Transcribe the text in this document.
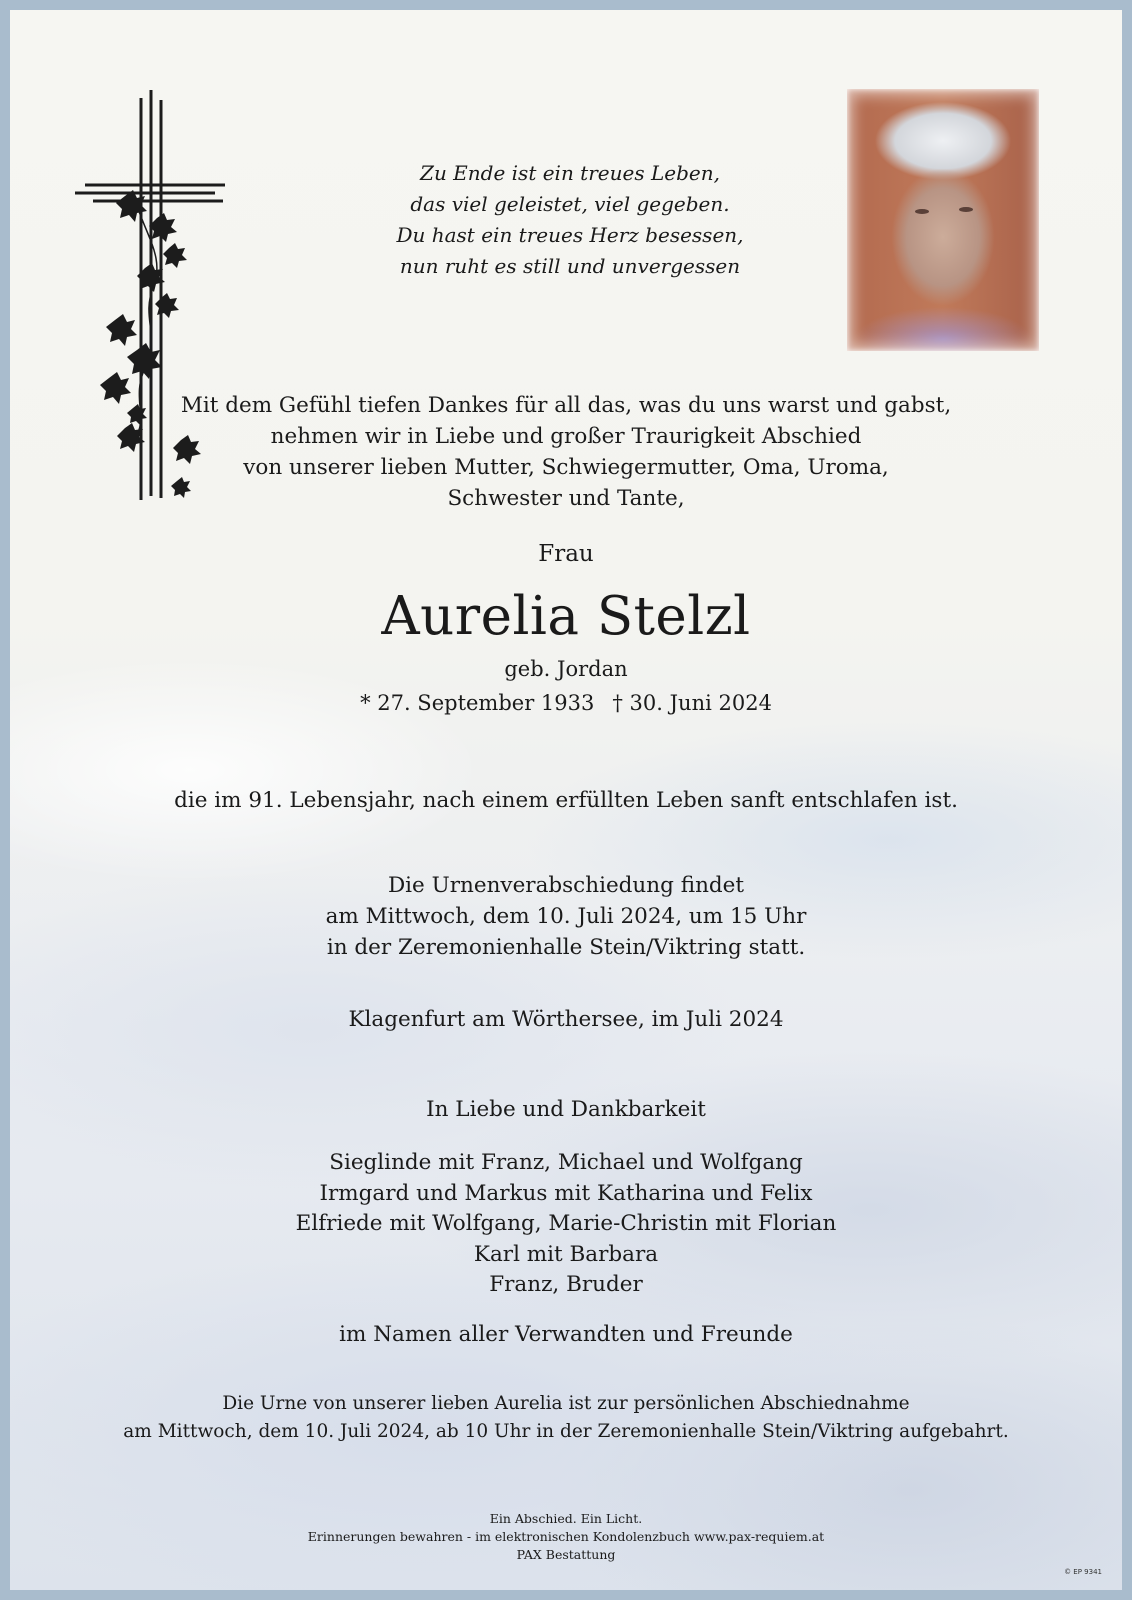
Zu Ende ist ein treues Leben,
das viel geleistet, viel gegeben.
Du hast ein treues Herz besessen,
nun ruht es still und unvergessen
Mit dem Gefühl tiefen Dankes für all das, was du uns warst und gabst,
nehmen wir in Liebe und großer Traurigkeit Abschied
von unserer lieben Mutter, Schwiegermutter, Oma, Uroma,
Schwester und Tante,
Frau
Aurelia Stelzl
geb. Jordan
* 27. September 1933 † 30. Juni 2024
die im 91. Lebensjahr, nach einem erfüllten Leben sanft entschlafen ist.
Die Urnenverabschiedung findet
am Mittwoch, dem 10. Juli 2024, um 15 Uhr
in der Zeremonienhalle Stein/Viktring statt.
Klagenfurt am Wörthersee, im Juli 2024
In Liebe und Dankbarkeit
Sieglinde mit Franz, Michael und Wolfgang
Irmgard und Markus mit Katharina und Felix
Elfriede mit Wolfgang, Marie-Christin mit Florian
Karl mit Barbara
Franz, Bruder
im Namen aller Verwandten und Freunde
Die Urne von unserer lieben Aurelia ist zur persönlichen Abschiednahme
am Mittwoch, dem 10. Juli 2024, ab 10 Uhr in der Zeremonienhalle Stein/Viktring aufgebahrt.
Ein Abschied. Ein Licht.
Erinnerungen bewahren - im elektronischen Kondolenzbuch www.pax-requiem.at
PAX Bestattung
© EP 9341
